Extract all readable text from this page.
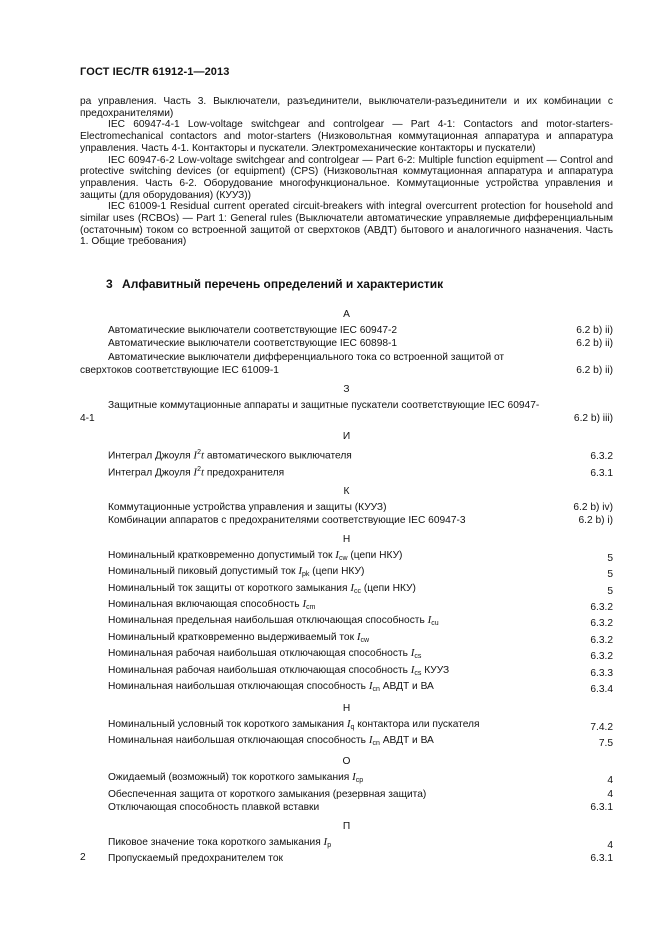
ГОСТ IEC/TR 61912-1—2013

ра управления. Часть 3. Выключатели, разъединители, выключатели-разъединители и их комбинации с предохранителями)

IEC 60947-4-1 Low-voltage switchgear and controlgear — Part 4-1: Contactors and motor-starters-Electromechanical contactors and motor-starters (Низковольтная коммутационная аппаратура и аппаратура управления. Часть 4-1. Контакторы и пускатели. Электромеханические контакторы и пускатели)

IEC 60947-6-2 Low-voltage switchgear and controlgear — Part 6-2: Multiple function equipment — Control and protective switching devices (or equipment) (CPS) (Низковольтная коммутационная аппаратура и аппаратура управления. Часть 6-2. Оборудование многофункциональное. Коммутационные устройства управления и защиты (для оборудования) (КУУЗ))

IEC 61009-1 Residual current operated circuit-breakers with integral overcurrent protection for household and similar uses (RCBOs) — Part 1: General rules (Выключатели автоматические управляемые дифференциальным (остаточным) током со встроенной защитой от сверхтоков (АВДТ) бытового и аналогичного назначения. Часть 1. Общие требования)

3 Алфавитный перечень определений и характеристик
А
Автоматические выключатели соответствующие IEC 60947-2	6.2 b) ii)
Автоматические выключатели соответствующие IEC 60898-1	6.2 b) ii)
Автоматические выключатели дифференциального тока со встроенной защитой от сверхтоков соответствующие IEC 61009-1	6.2 b) ii)
З
Защитные коммутационные аппараты и защитные пускатели соответствующие IEC 60947-4-1	6.2 b) iii)
И
Интеграл Джоуля $I^2t$ автоматического выключателя	6.3.2
Интеграл Джоуля $I^2t$ предохранителя	6.3.1
К
Коммутационные устройства управления и защиты (КУУЗ)	6.2 b) iv)
Комбинации аппаратов с предохранителями соответствующие IEC 60947-3	6.2 b) i)
Н
Номинальный кратковременно допустимый ток $I_{cw}$ (цепи НКУ)	5
Номинальный пиковый допустимый ток $I_{pk}$ (цепи НКУ)	5
Номинальный ток защиты от короткого замыкания $I_{cc}$ (цепи НКУ)	5
Номинальная включающая способность $I_{cm}$	6.3.2
Номинальная предельная наибольшая отключающая способность $I_{cu}$	6.3.2
Номинальный кратковременно выдерживаемый ток $I_{cw}$	6.3.2
Номинальная рабочая наибольшая отключающая способность $I_{cs}$	6.3.2
Номинальная рабочая наибольшая отключающая способность $I_{cs}$ КУУЗ	6.3.3
Номинальная наибольшая отключающая способность $I_{cn}$ АВДТ и ВА	6.3.4
Н
Номинальный условный ток короткого замыкания $I_q$ контактора или пускателя	7.4.2
Номинальная наибольшая отключающая способность $I_{cn}$ АВДТ и ВА	7.5
О
Ожидаемый (возможный) ток короткого замыкания $I_{cp}$	4
Обеспеченная защита от короткого замыкания (резервная защита)	4
Отключающая способность плавкой вставки	6.3.1
П
Пиковое значение тока короткого замыкания $I_p$	4
Пропускаемый предохранителем ток	6.3.1
2
